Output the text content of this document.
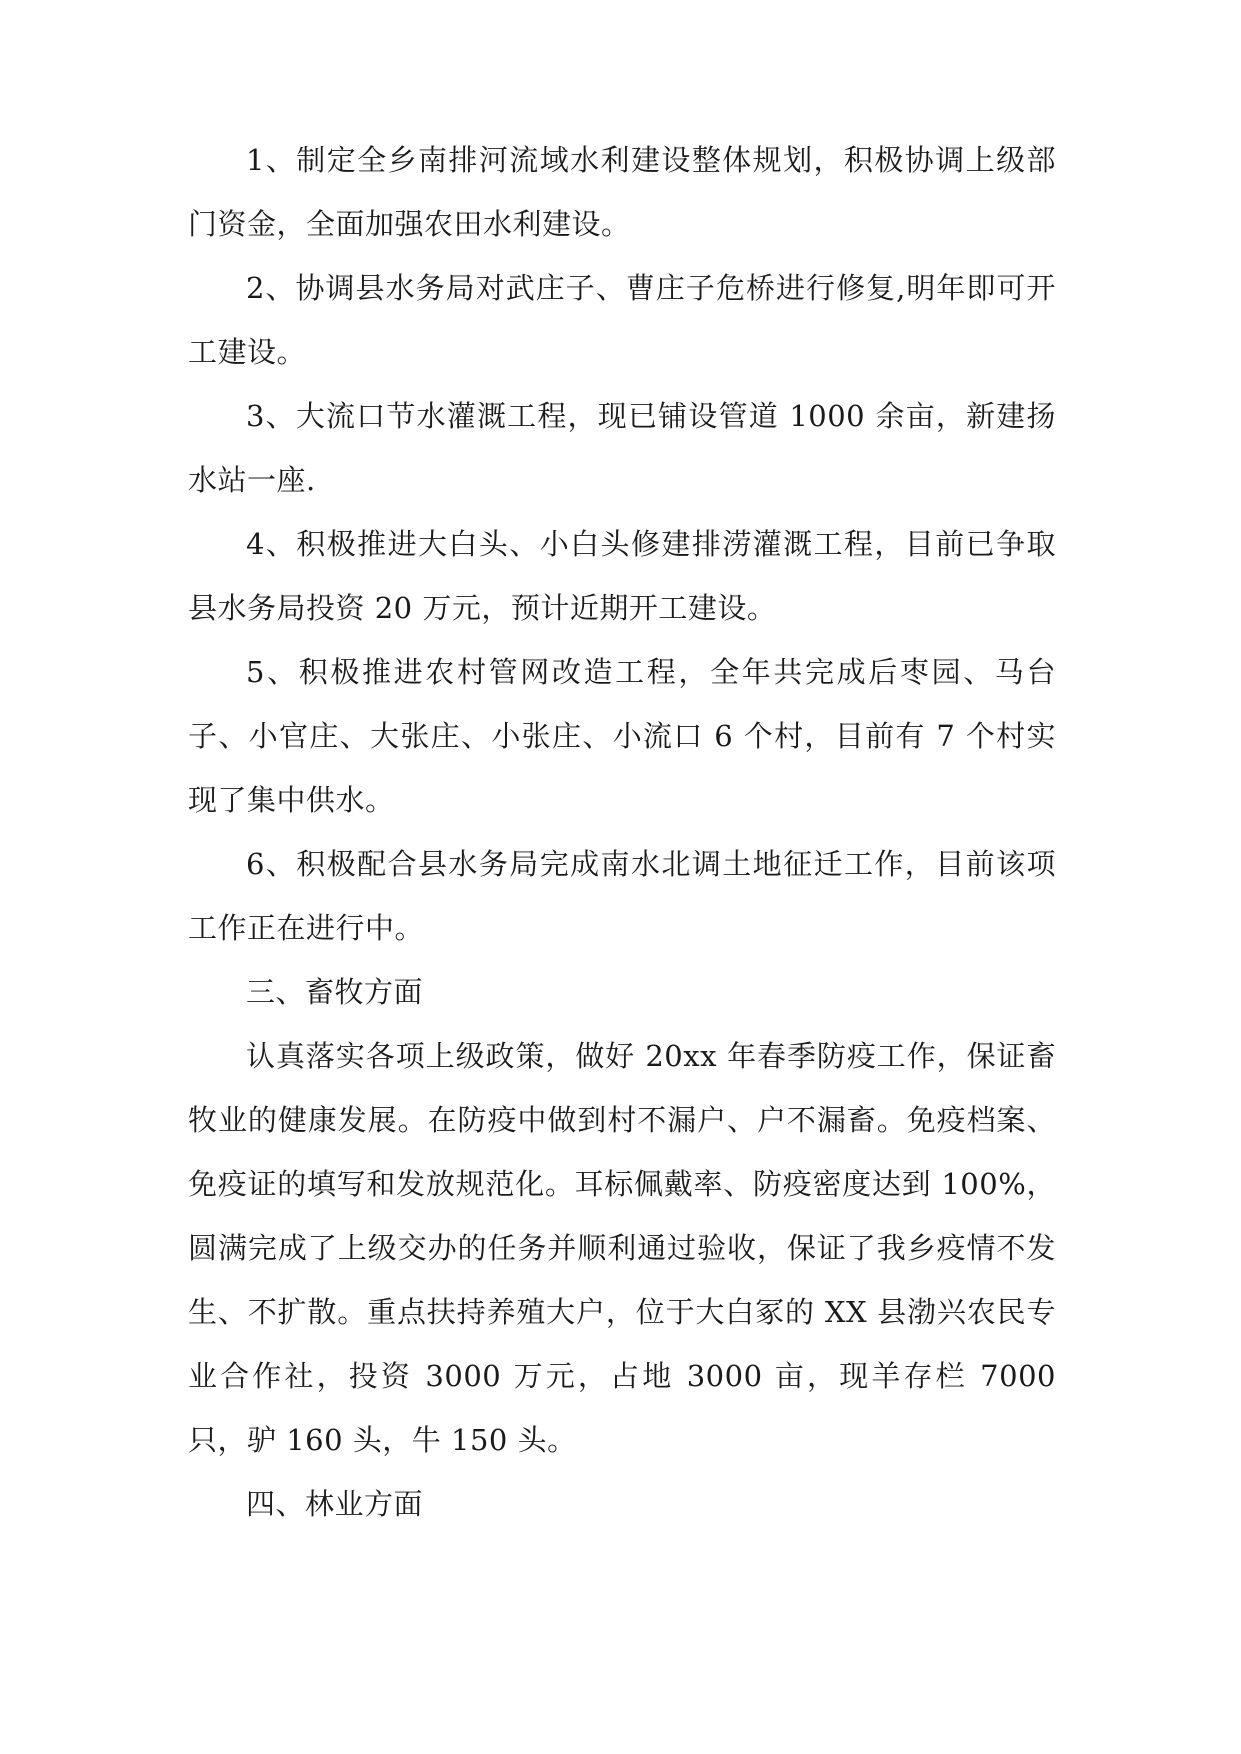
1、制定全乡南排河流域水利建设整体规划，积极协调上级部门资金，全面加强农田水利建设。

2、协调县水务局对武庄子、曹庄子危桥进行修复,明年即可开工建设。

3、大流口节水灌溉工程，现已铺设管道 1000 余亩，新建扬水站一座.

4、积极推进大白头、小白头修建排涝灌溉工程，目前已争取县水务局投资 20 万元，预计近期开工建设。

5、积极推进农村管网改造工程，全年共完成后枣园、马台子、小官庄、大张庄、小张庄、小流口 6 个村，目前有 7 个村实现了集中供水。

6、积极配合县水务局完成南水北调土地征迁工作，目前该项工作正在进行中。

三、畜牧方面

认真落实各项上级政策，做好 20xx 年春季防疫工作，保证畜牧业的健康发展。在防疫中做到村不漏户、户不漏畜。免疫档案、免疫证的填写和发放规范化。耳标佩戴率、防疫密度达到 100%，圆满完成了上级交办的任务并顺利通过验收，保证了我乡疫情不发生、不扩散。重点扶持养殖大户，位于大白冢的 XX 县渤兴农民专业合作社，投资 3000 万元，占地 3000 亩，现羊存栏 7000 只，驴 160 头，牛 150 头。

四、林业方面
